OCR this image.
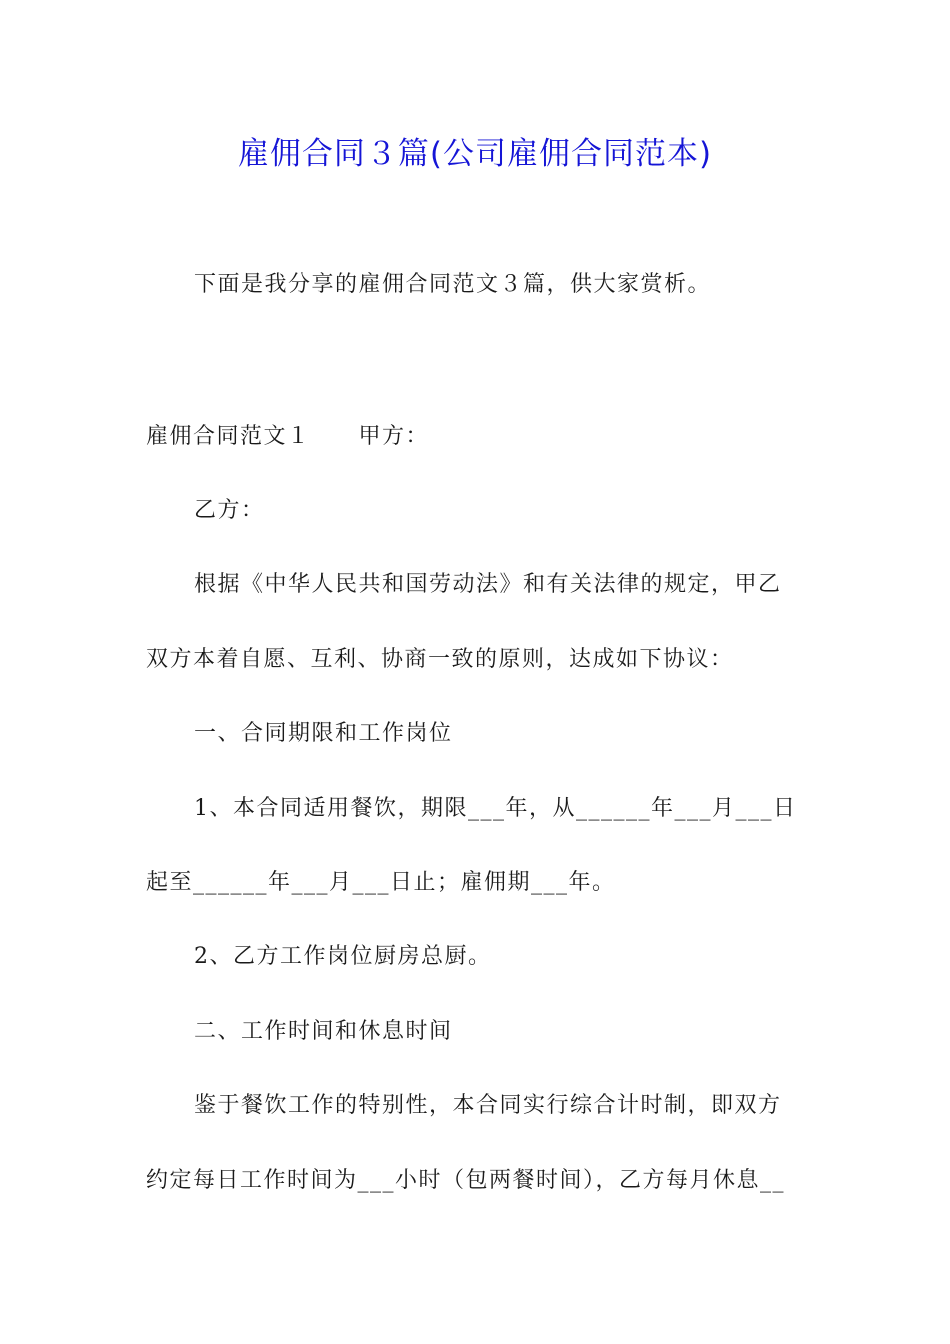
雇佣合同３篇(公司雇佣合同范本)
下面是我分享的雇佣合同范文３篇，供大家赏析。
雇佣合同范文１ 甲方：
乙方：
根据《中华人民共和国劳动法》和有关法律的规定，甲乙
双方本着自愿、互利、协商一致的原则，达成如下协议：
一、合同期限和工作岗位
1、本合同适用餐饮，期限___年，从______年___月___日
起至______年___月___日止；雇佣期___年。
2、乙方工作岗位厨房总厨。
二、工作时间和休息时间
鉴于餐饮工作的特别性，本合同实行综合计时制，即双方
约定每日工作时间为___小时（包两餐时间），乙方每月休息__
